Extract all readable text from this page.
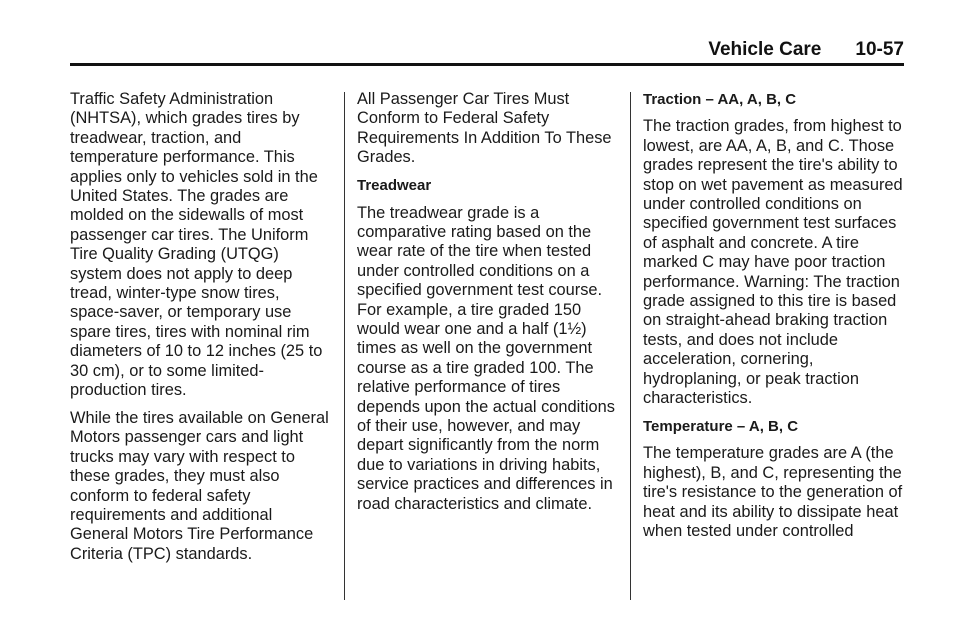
Vehicle Care 10-57

Traffic Safety Administration (NHTSA), which grades tires by treadwear, traction, and temperature performance. This applies only to vehicles sold in the United States. The grades are molded on the sidewalls of most passenger car tires. The Uniform Tire Quality Grading (UTQG) system does not apply to deep tread, winter-type snow tires, space-saver, or temporary use spare tires, tires with nominal rim diameters of 10 to 12 inches (25 to 30 cm), or to some limited-production tires.

While the tires available on General Motors passenger cars and light trucks may vary with respect to these grades, they must also conform to federal safety requirements and additional General Motors Tire Performance Criteria (TPC) standards.

All Passenger Car Tires Must Conform to Federal Safety Requirements In Addition To These Grades.

Treadwear

The treadwear grade is a comparative rating based on the wear rate of the tire when tested under controlled conditions on a specified government test course. For example, a tire graded 150 would wear one and a half (1½) times as well on the government course as a tire graded 100. The relative performance of tires depends upon the actual conditions of their use, however, and may depart significantly from the norm due to variations in driving habits, service practices and differences in road characteristics and climate.

Traction – AA, A, B, C

The traction grades, from highest to lowest, are AA, A, B, and C. Those grades represent the tire's ability to stop on wet pavement as measured under controlled conditions on specified government test surfaces of asphalt and concrete. A tire marked C may have poor traction performance. Warning: The traction grade assigned to this tire is based on straight-ahead braking traction tests, and does not include acceleration, cornering, hydroplaning, or peak traction characteristics.

Temperature – A, B, C

The temperature grades are A (the highest), B, and C, representing the tire's resistance to the generation of heat and its ability to dissipate heat when tested under controlled
